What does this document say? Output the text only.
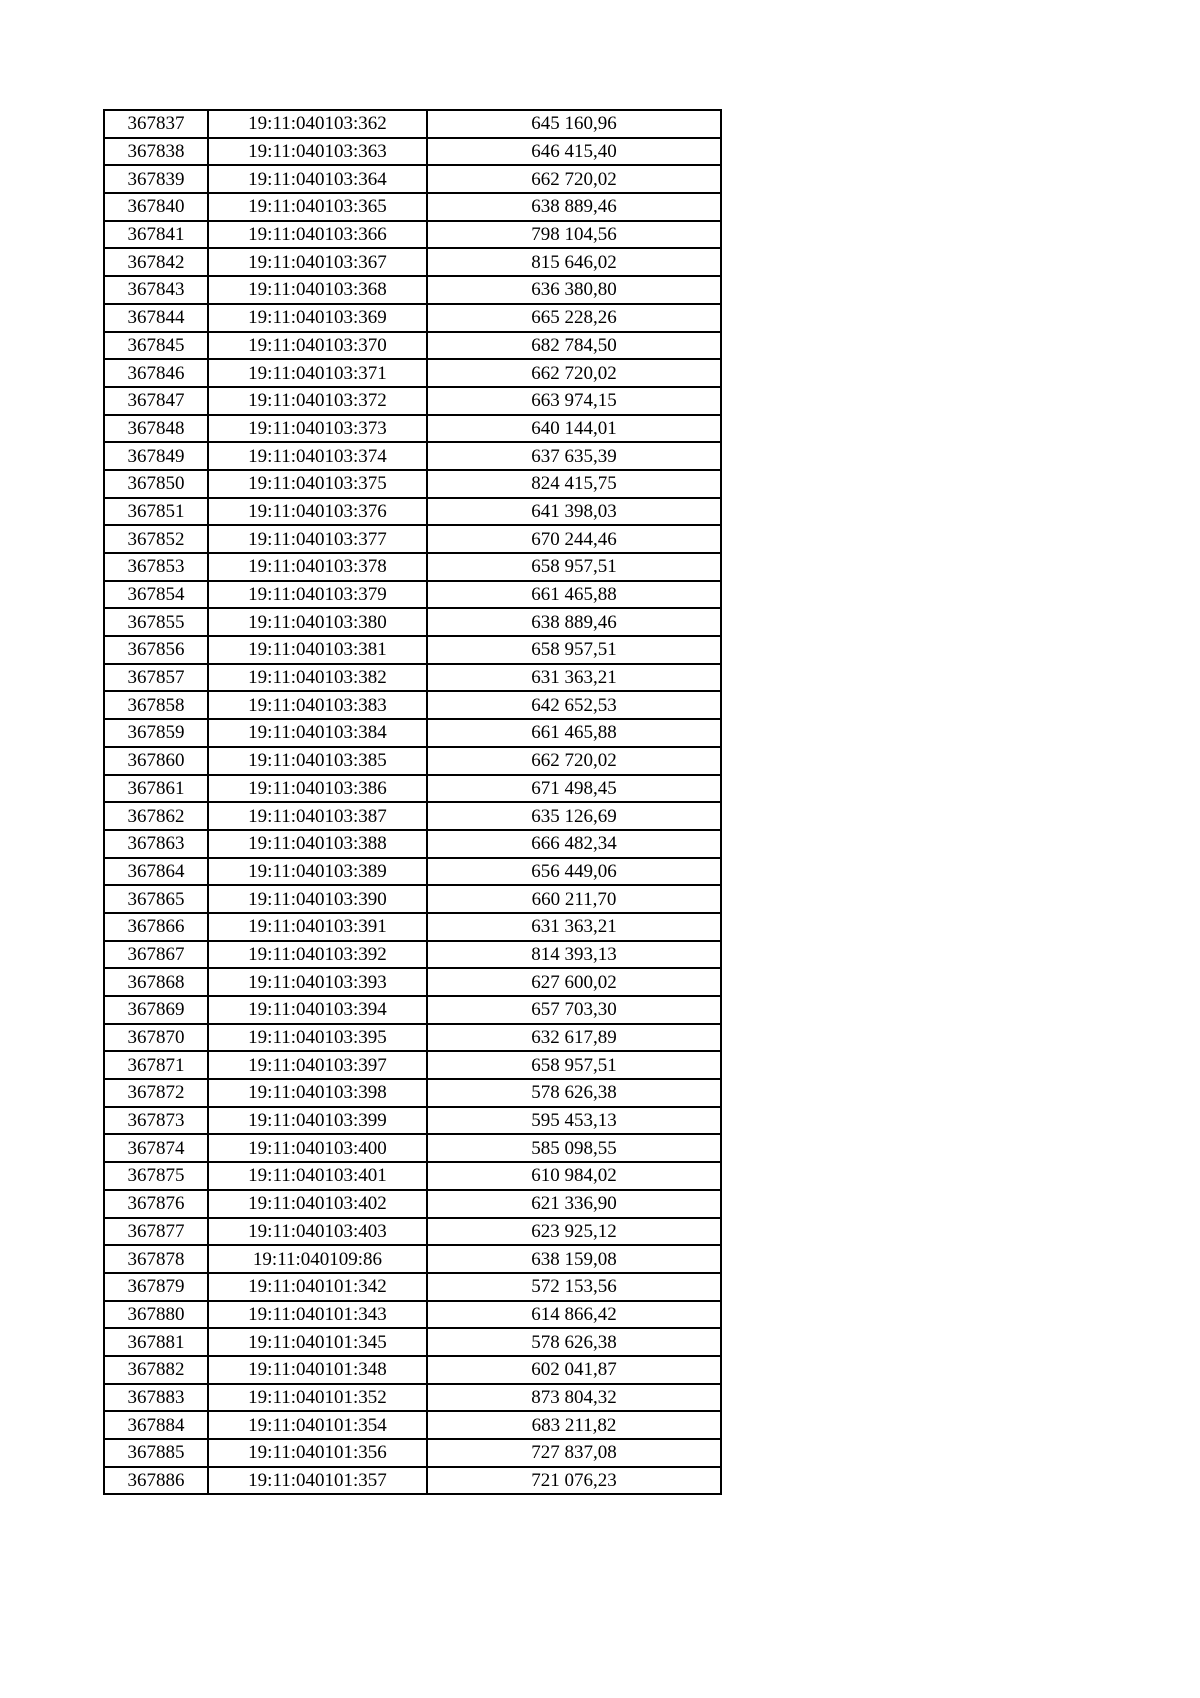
367837	19:11:040103:362	645 160,96
367838	19:11:040103:363	646 415,40
367839	19:11:040103:364	662 720,02
367840	19:11:040103:365	638 889,46
367841	19:11:040103:366	798 104,56
367842	19:11:040103:367	815 646,02
367843	19:11:040103:368	636 380,80
367844	19:11:040103:369	665 228,26
367845	19:11:040103:370	682 784,50
367846	19:11:040103:371	662 720,02
367847	19:11:040103:372	663 974,15
367848	19:11:040103:373	640 144,01
367849	19:11:040103:374	637 635,39
367850	19:11:040103:375	824 415,75
367851	19:11:040103:376	641 398,03
367852	19:11:040103:377	670 244,46
367853	19:11:040103:378	658 957,51
367854	19:11:040103:379	661 465,88
367855	19:11:040103:380	638 889,46
367856	19:11:040103:381	658 957,51
367857	19:11:040103:382	631 363,21
367858	19:11:040103:383	642 652,53
367859	19:11:040103:384	661 465,88
367860	19:11:040103:385	662 720,02
367861	19:11:040103:386	671 498,45
367862	19:11:040103:387	635 126,69
367863	19:11:040103:388	666 482,34
367864	19:11:040103:389	656 449,06
367865	19:11:040103:390	660 211,70
367866	19:11:040103:391	631 363,21
367867	19:11:040103:392	814 393,13
367868	19:11:040103:393	627 600,02
367869	19:11:040103:394	657 703,30
367870	19:11:040103:395	632 617,89
367871	19:11:040103:397	658 957,51
367872	19:11:040103:398	578 626,38
367873	19:11:040103:399	595 453,13
367874	19:11:040103:400	585 098,55
367875	19:11:040103:401	610 984,02
367876	19:11:040103:402	621 336,90
367877	19:11:040103:403	623 925,12
367878	19:11:040109:86	638 159,08
367879	19:11:040101:342	572 153,56
367880	19:11:040101:343	614 866,42
367881	19:11:040101:345	578 626,38
367882	19:11:040101:348	602 041,87
367883	19:11:040101:352	873 804,32
367884	19:11:040101:354	683 211,82
367885	19:11:040101:356	727 837,08
367886	19:11:040101:357	721 076,23
